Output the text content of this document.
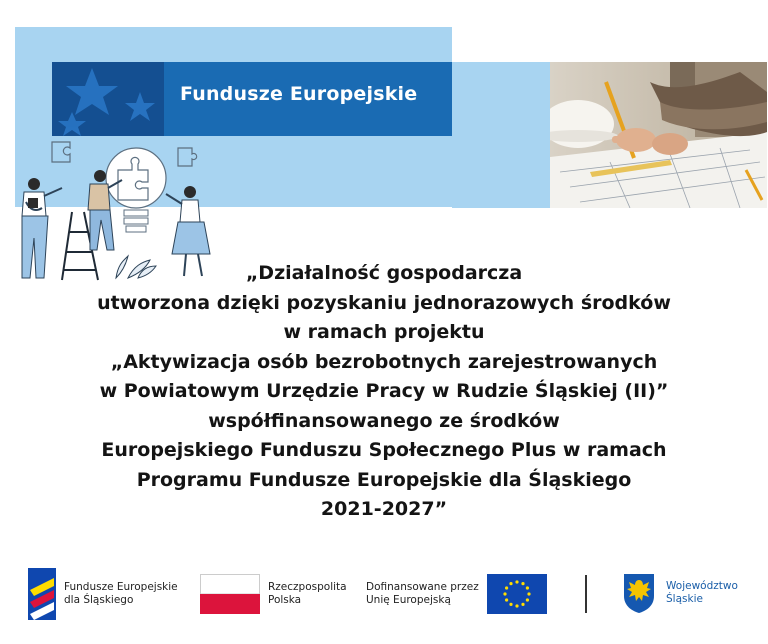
Fundusze Europejskie
„Działalność gospodarcza
utworzona dzięki pozyskaniu jednorazowych środków
w ramach projektu
„Aktywizacja osób bezrobotnych zarejestrowanych
w Powiatowym Urzędzie Pracy w Rudzie Śląskiej (II)”
współfinansowanego ze środków
Europejskiego Funduszu Społecznego Plus w ramach
Programu Fundusze Europejskie dla Śląskiego
2021-2027”
Fundusze Europejskie
dla Śląskiego
Rzeczpospolita
Polska
Dofinansowane przez
Unię Europejską
Województwo
Śląskie
